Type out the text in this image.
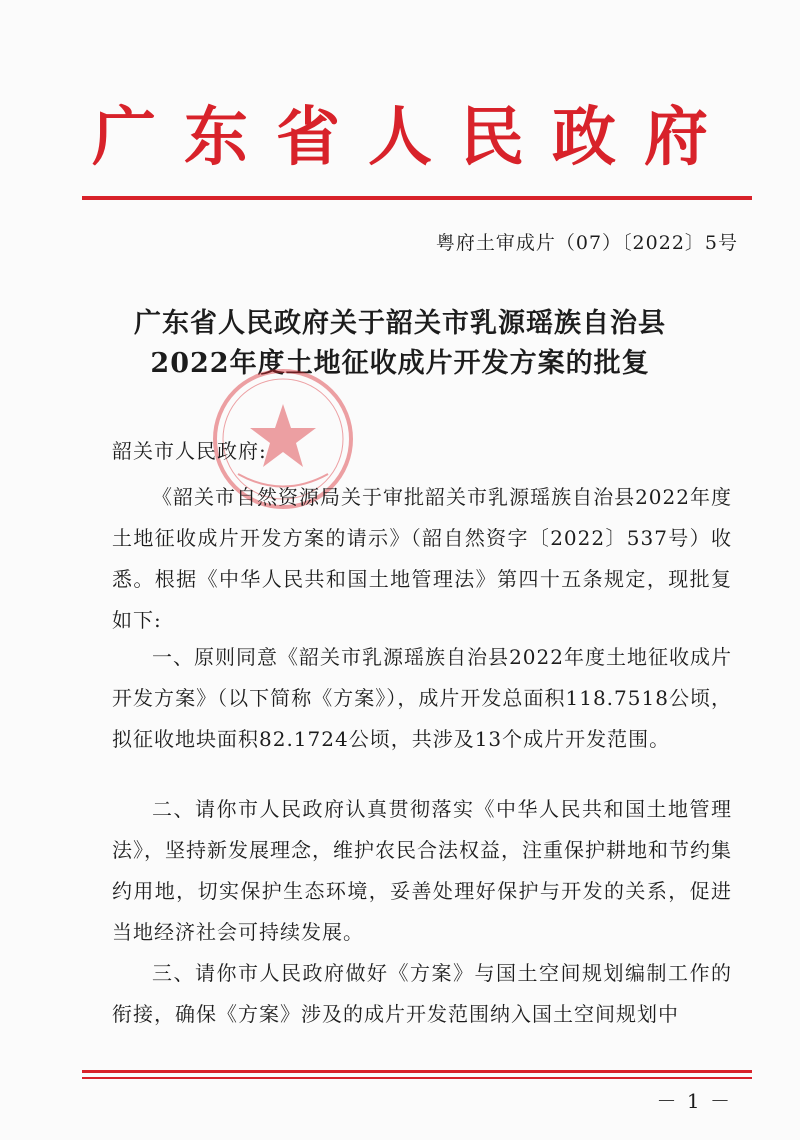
广东省人民政府
粤府土审成片（07）〔2022〕5号
广东省人民政府关于韶关市乳源瑶族自治县
2022年度土地征收成片开发方案的批复
韶关市人民政府:

《韶关市自然资源局关于审批韶关市乳源瑶族自治县2022年度土地征收成片开发方案的请示》（韶自然资字〔2022〕537号）收悉。根据《中华人民共和国土地管理法》第四十五条规定，现批复如下:

一、原则同意《韶关市乳源瑶族自治县2022年度土地征收成片开发方案》（以下简称《方案》），成片开发总面积118.7518公顷，拟征收地块面积82.1724公顷，共涉及13个成片开发范围。

二、请你市人民政府认真贯彻落实《中华人民共和国土地管理法》，坚持新发展理念，维护农民合法权益，注重保护耕地和节约集约用地，切实保护生态环境，妥善处理好保护与开发的关系，促进当地经济社会可持续发展。

三、请你市人民政府做好《方案》与国土空间规划编制工作的衔接，确保《方案》涉及的成片开发范围纳入国土空间规划中

－ 1 －
